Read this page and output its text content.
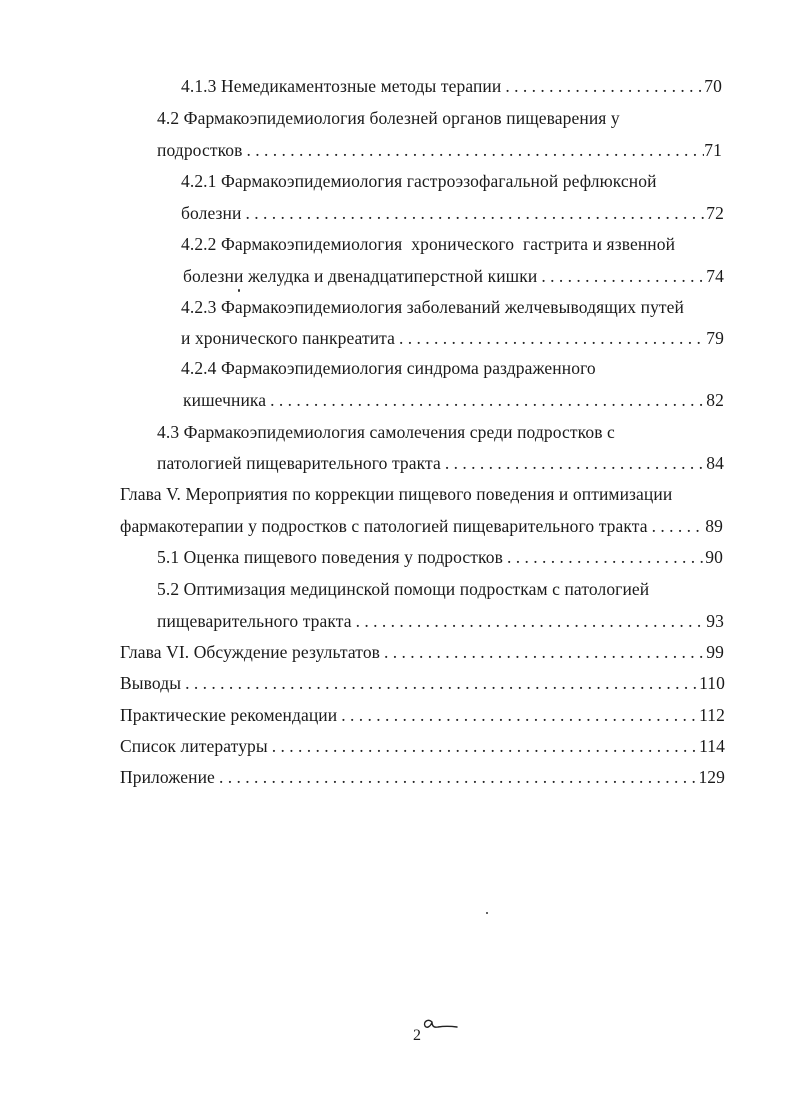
4.1.3 Немедикаментозные методы терапии . . .	70
4.2 Фармакоэпидемиология болезней органов пищеварения у
подростков . . .	71
4.2.1 Фармакоэпидемиология гастроэзофагальной рефлюксной
болезни . . .	72
4.2.2 Фармакоэпидемиология  хронического  гастрита и язвенной
болезни желудка и двенадцатиперстной кишки . . .	74
4.2.3 Фармакоэпидемиология заболеваний желчевыводящих путей
и хронического панкреатита . . .	79
4.2.4 Фармакоэпидемиология синдрома раздраженного
кишечника . . .	82
4.3 Фармакоэпидемиология самолечения среди подростков с
патологией пищеварительного тракта . . .	84
Глава V. Мероприятия по коррекции пищевого поведения и оптимизации
фармакотерапии у подростков с патологией пищеварительного тракта . . .	89
5.1 Оценка пищевого поведения у подростков . . .	90
5.2 Оптимизация медицинской помощи подросткам с патологией
пищеварительного тракта . . .	93
Глава VI. Обсуждение результатов . . .	99
Выводы . . .	110
Практические рекомендации . . .	112
Список литературы . . .	114
Приложение . . .	129
2
